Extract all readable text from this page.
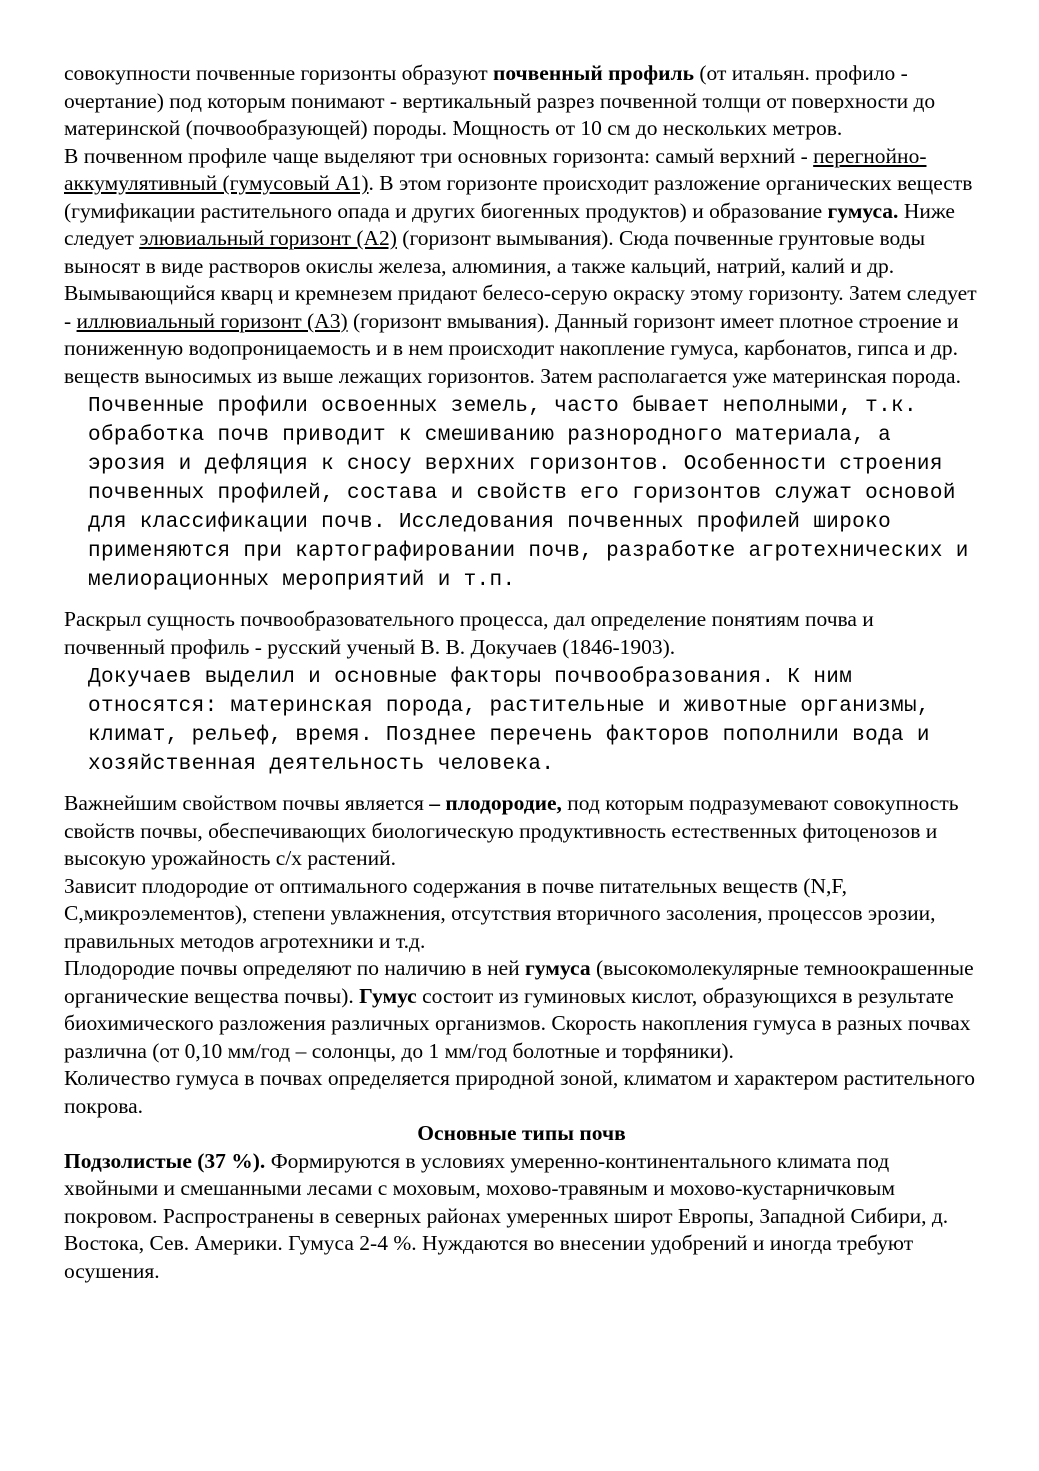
совокупности почвенные горизонты образуют почвенный профиль (от итальян. профило - очертание) под которым понимают - вертикальный разрез почвенной толщи от поверхности до материнской (почвообразующей) породы. Мощность от 10 см до нескольких метров.

В почвенном профиле чаще выделяют три основных горизонта: самый верхний - перегнойно-аккумулятивный (гумусовый А1). В этом горизонте происходит разложение органических веществ (гумификации растительного опада и других биогенных продуктов) и образование гумуса. Ниже следует элювиальный горизонт (А2) (горизонт вымывания). Сюда почвенные грунтовые воды выносят в виде растворов окислы железа, алюминия, а также кальций, натрий, калий и др. Вымывающийся кварц и кремнезем придают белесо-серую окраску этому горизонту. Затем следует - иллювиальный горизонт (А3) (горизонт вмывания). Данный горизонт имеет плотное строение и пониженную водопроницаемость и в нем происходит накопление гумуса, карбонатов, гипса и др. веществ выносимых из выше лежащих горизонтов. Затем располагается уже материнская порода.

Почвенные профили освоенных земель, часто бывает неполными, т.к. обработка почв приводит к смешиванию разнородного материала, а эрозия и дефляция к сносу верхних горизонтов. Особенности строения почвенных профилей, состава и свойств его горизонтов служат основой для классификации почв. Исследования почвенных профилей широко применяются при картографировании почв, разработке агротехнических и мелиорационных мероприятий и т.п.

Раскрыл сущность почвообразовательного процесса, дал определение понятиям почва и почвенный профиль - русский ученый В. В. Докучаев (1846-1903).

Докучаев выделил и основные факторы почвообразования. К ним относятся: материнская порода, растительные и животные организмы, климат, рельеф, время. Позднее перечень факторов пополнили вода и хозяйственная деятельность человека.

Важнейшим свойством почвы является – плодородие, под которым подразумевают совокупность свойств почвы, обеспечивающих биологическую продуктивность естественных фитоценозов и высокую урожайность с/х растений.

Зависит плодородие от оптимального содержания в почве питательных веществ (N,F, С,микроэлементов), степени увлажнения, отсутствия вторичного засоления, процессов эрозии, правильных методов агротехники и т.д.

Плодородие почвы определяют по наличию в ней гумуса (высокомолекулярные темноокрашенные органические вещества почвы). Гумус состоит из гуминовых кислот, образующихся в результате биохимического разложения различных организмов. Скорость накопления гумуса в разных почвах различна (от 0,10 мм/год – солонцы, до 1 мм/год болотные и торфяники).

Количество гумуса в почвах определяется природной зоной, климатом и характером растительного покрова.

Основные типы почв

Подзолистые (37 %). Формируются в условиях умеренно-континентального климата под хвойными и смешанными лесами с моховым, мохово-травяным и мохово-кустарничковым покровом. Распространены в северных районах умеренных широт Европы, Западной Сибири, д. Востока, Сев. Америки. Гумуса 2-4 %. Нуждаются во внесении удобрений и иногда требуют осушения.
